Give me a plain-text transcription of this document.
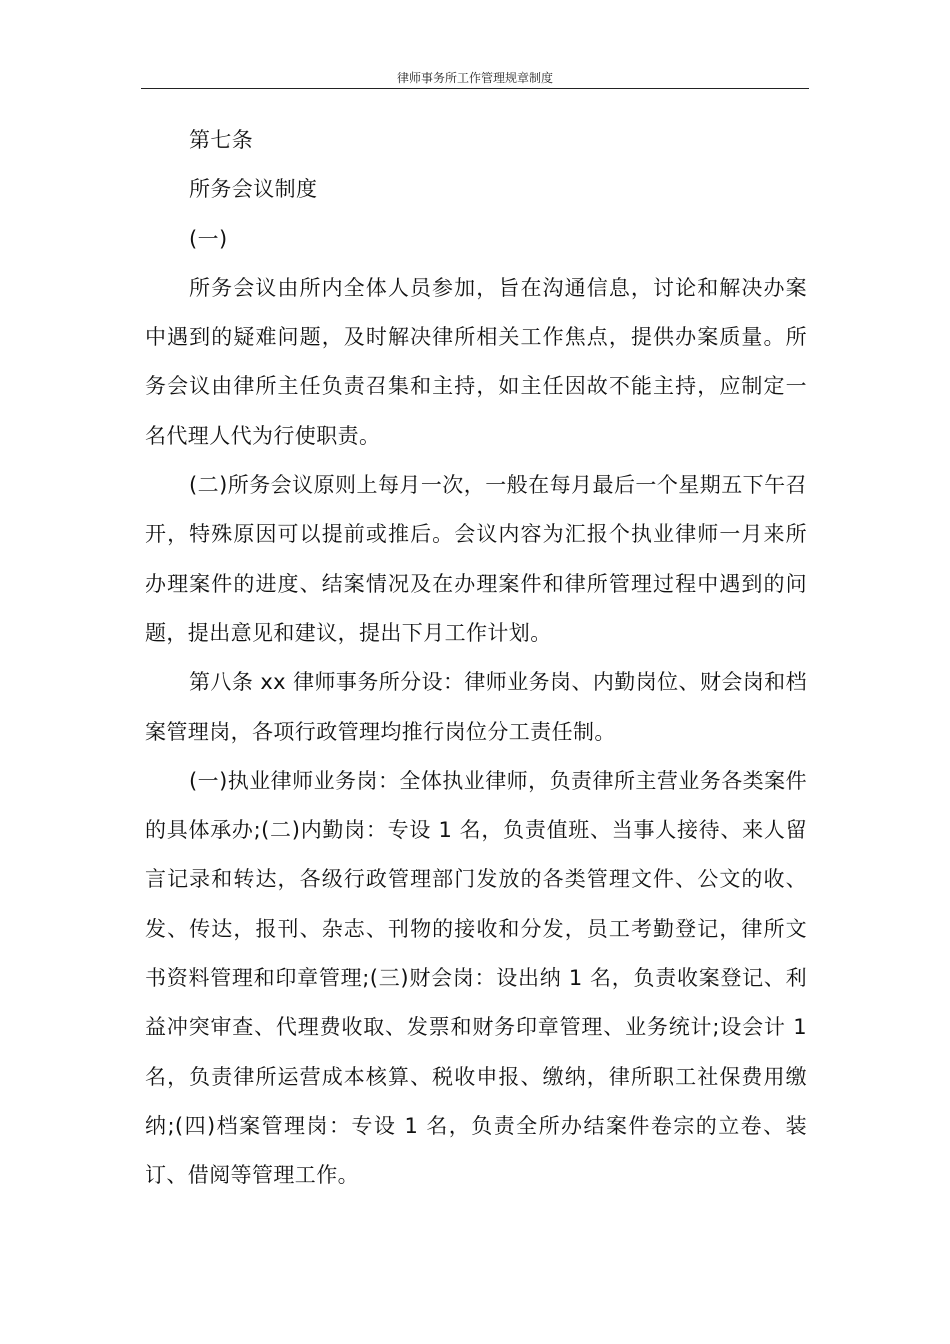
律师事务所工作管理规章制度

第七条

所务会议制度

(一)

所务会议由所内全体人员参加，旨在沟通信息，讨论和解决办案中遇到的疑难问题，及时解决律所相关工作焦点，提供办案质量。所务会议由律所主任负责召集和主持，如主任因故不能主持，应制定一名代理人代为行使职责。

(二)所务会议原则上每月一次，一般在每月最后一个星期五下午召开，特殊原因可以提前或推后。会议内容为汇报个执业律师一月来所办理案件的进度、结案情况及在办理案件和律所管理过程中遇到的问题，提出意见和建议，提出下月工作计划。

第八条 xx 律师事务所分设：律师业务岗、内勤岗位、财会岗和档案管理岗，各项行政管理均推行岗位分工责任制。

(一)执业律师业务岗：全体执业律师，负责律所主营业务各类案件的具体承办;(二)内勤岗：专设 1 名，负责值班、当事人接待、来人留言记录和转达，各级行政管理部门发放的各类管理文件、公文的收、发、传达，报刊、杂志、刊物的接收和分发，员工考勤登记，律所文书资料管理和印章管理;(三)财会岗：设出纳 1 名，负责收案登记、利益冲突审查、代理费收取、发票和财务印章管理、业务统计;设会计 1 名，负责律所运营成本核算、税收申报、缴纳，律所职工社保费用缴纳;(四)档案管理岗：专设 1 名，负责全所办结案件卷宗的立卷、装订、借阅等管理工作。
